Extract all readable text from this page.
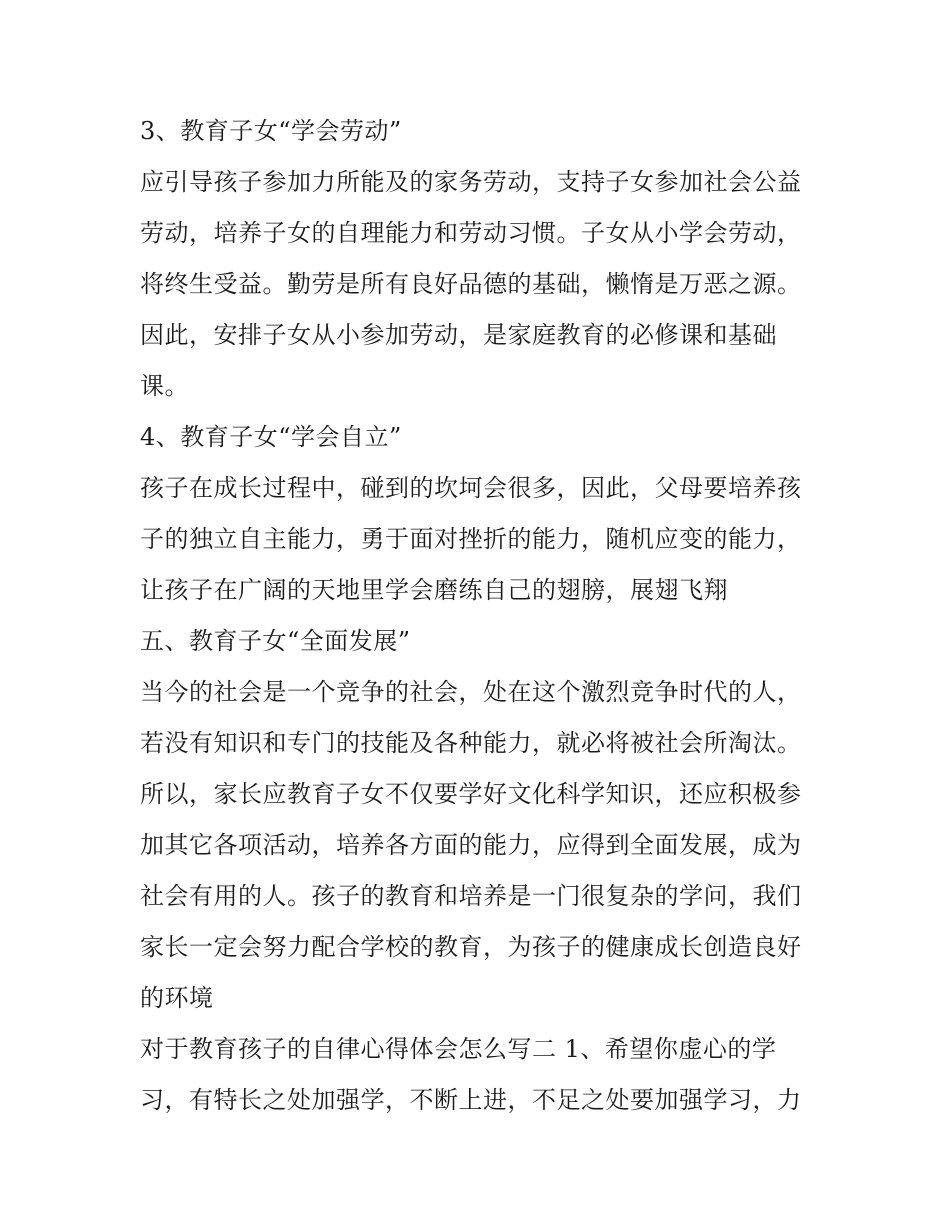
3、教育子女“学会劳动”
应引导孩子参加力所能及的家务劳动，支持子女参加社会公益
劳动，培养子女的自理能力和劳动习惯。子女从小学会劳动，
将终生受益。勤劳是所有良好品德的基础，懒惰是万恶之源。
因此，安排子女从小参加劳动，是家庭教育的必修课和基础
课。
4、教育子女“学会自立”
孩子在成长过程中，碰到的坎坷会很多，因此，父母要培养孩
子的独立自主能力，勇于面对挫折的能力，随机应变的能力，
让孩子在广阔的天地里学会磨练自己的翅膀，展翅飞翔
五、教育子女“全面发展”
当今的社会是一个竞争的社会，处在这个激烈竞争时代的人，
若没有知识和专门的技能及各种能力，就必将被社会所淘汰。
所以，家长应教育子女不仅要学好文化科学知识，还应积极参
加其它各项活动，培养各方面的能力，应得到全面发展，成为
社会有用的人。孩子的教育和培养是一门很复杂的学问，我们
家长一定会努力配合学校的教育，为孩子的健康成长创造良好
的环境
对于教育孩子的自律心得体会怎么写二 1、希望你虚心的学
习，有特长之处加强学，不断上进，不足之处要加强学习，力
